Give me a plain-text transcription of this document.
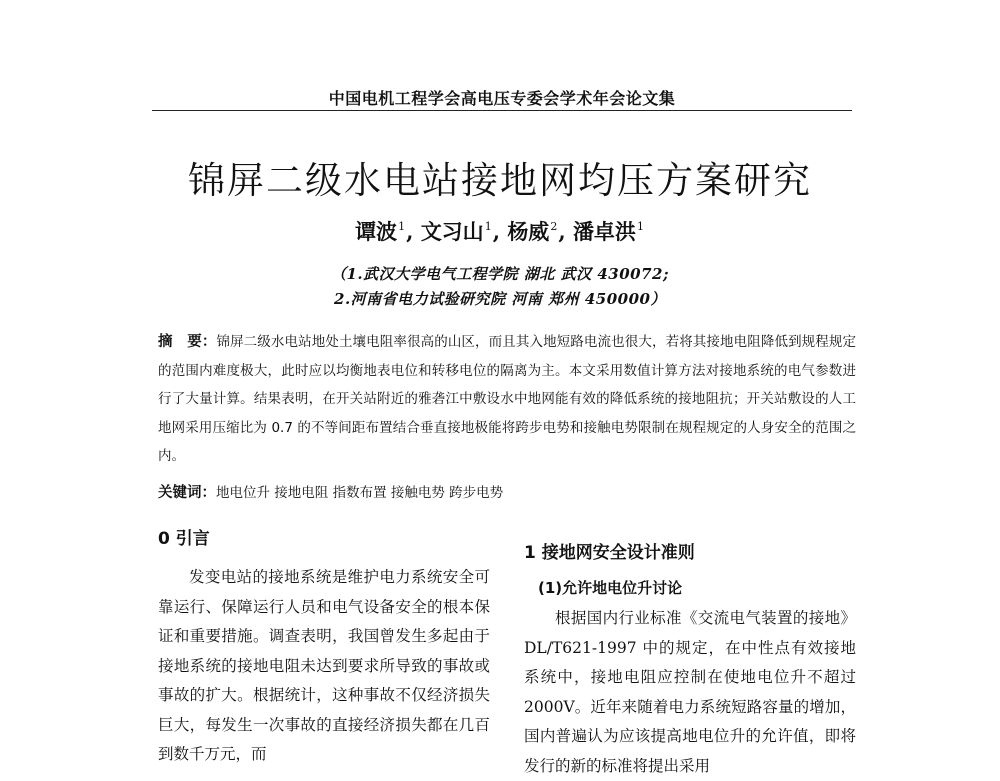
中国电机工程学会高电压专委会学术年会论文集
锦屏二级水电站接地网均压方案研究
谭波$^1$, 文习山$^1$, 杨威$^2$, 潘卓洪$^1$
（1.武汉大学电气工程学院 湖北 武汉 430072;
2.河南省电力试验研究院 河南 郑州 450000）
摘　要：锦屏二级水电站地处土壤电阻率很高的山区，而且其入地短路电流也很大，若将其接地电阻降低到规程规定的范围内难度极大，此时应以均衡地表电位和转移电位的隔离为主。本文采用数值计算方法对接地系统的电气参数进行了大量计算。结果表明，在开关站附近的雅砻江中敷设水中地网能有效的降低系统的接地阻抗；开关站敷设的人工地网采用压缩比为 0.7 的不等间距布置结合垂直接地极能将跨步电势和接触电势限制在规程规定的人身安全的范围之内。
关键词：地电位升 接地电阻 指数布置 接触电势 跨步电势
0 引言

发变电站的接地系统是维护电力系统安全可靠运行、保障运行人员和电气设备安全的根本保证和重要措施。调查表明，我国曾发生多起由于接地系统的接地电阻未达到要求所导致的事故或事故的扩大。根据统计，这种事故不仅经济损失巨大，每发生一次事故的直接经济损失都在几百到数千万元，而

1 接地网安全设计准则
(1)允许地电位升讨论

根据国内行业标准《交流电气装置的接地》DL/T621-1997 中的规定，在中性点有效接地系统中，接地电阻应控制在使地电位升不超过 2000V。近年来随着电力系统短路容量的增加，国内普遍认为应该提高地电位升的允许值，即将发行的新的标准将提出采用
